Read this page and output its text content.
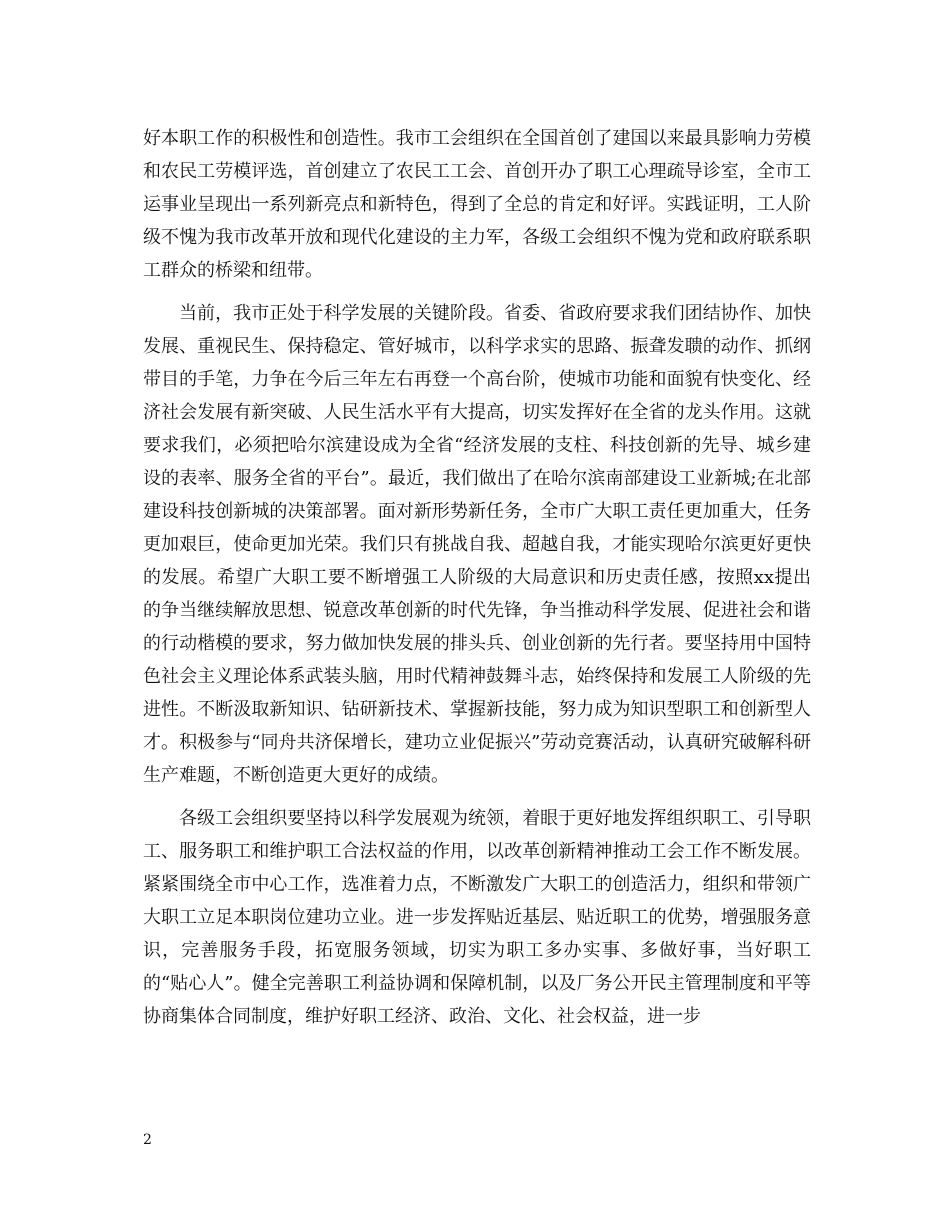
好本职工作的积极性和创造性。我市工会组织在全国首创了建国以来最具影响力劳模和农民工劳模评选，首创建立了农民工工会、首创开办了职工心理疏导诊室，全市工运事业呈现出一系列新亮点和新特色，得到了全总的肯定和好评。实践证明，工人阶级不愧为我市改革开放和现代化建设的主力军，各级工会组织不愧为党和政府联系职工群众的桥梁和纽带。

当前，我市正处于科学发展的关键阶段。省委、省政府要求我们团结协作、加快发展、重视民生、保持稳定、管好城市，以科学求实的思路、振聋发聩的动作、抓纲带目的手笔，力争在今后三年左右再登一个高台阶，使城市功能和面貌有快变化、经济社会发展有新突破、人民生活水平有大提高，切实发挥好在全省的龙头作用。这就要求我们，必须把哈尔滨建设成为全省“经济发展的支柱、科技创新的先导、城乡建设的表率、服务全省的平台”。最近，我们做出了在哈尔滨南部建设工业新城;在北部建设科技创新城的决策部署。面对新形势新任务，全市广大职工责任更加重大，任务更加艰巨，使命更加光荣。我们只有挑战自我、超越自我，才能实现哈尔滨更好更快的发展。希望广大职工要不断增强工人阶级的大局意识和历史责任感，按照xx提出的争当继续解放思想、锐意改革创新的时代先锋，争当推动科学发展、促进社会和谐的行动楷模的要求，努力做加快发展的排头兵、创业创新的先行者。要坚持用中国特色社会主义理论体系武装头脑，用时代精神鼓舞斗志，始终保持和发展工人阶级的先进性。不断汲取新知识、钻研新技术、掌握新技能，努力成为知识型职工和创新型人才。积极参与“同舟共济保增长，建功立业促振兴”劳动竞赛活动，认真研究破解科研生产难题，不断创造更大更好的成绩。

各级工会组织要坚持以科学发展观为统领，着眼于更好地发挥组织职工、引导职工、服务职工和维护职工合法权益的作用，以改革创新精神推动工会工作不断发展。紧紧围绕全市中心工作，选准着力点，不断激发广大职工的创造活力，组织和带领广大职工立足本职岗位建功立业。进一步发挥贴近基层、贴近职工的优势，增强服务意识，完善服务手段，拓宽服务领域，切实为职工多办实事、多做好事，当好职工的“贴心人”。健全完善职工利益协调和保障机制，以及厂务公开民主管理制度和平等协商集体合同制度，维护好职工经济、政治、文化、社会权益，进一步

2
